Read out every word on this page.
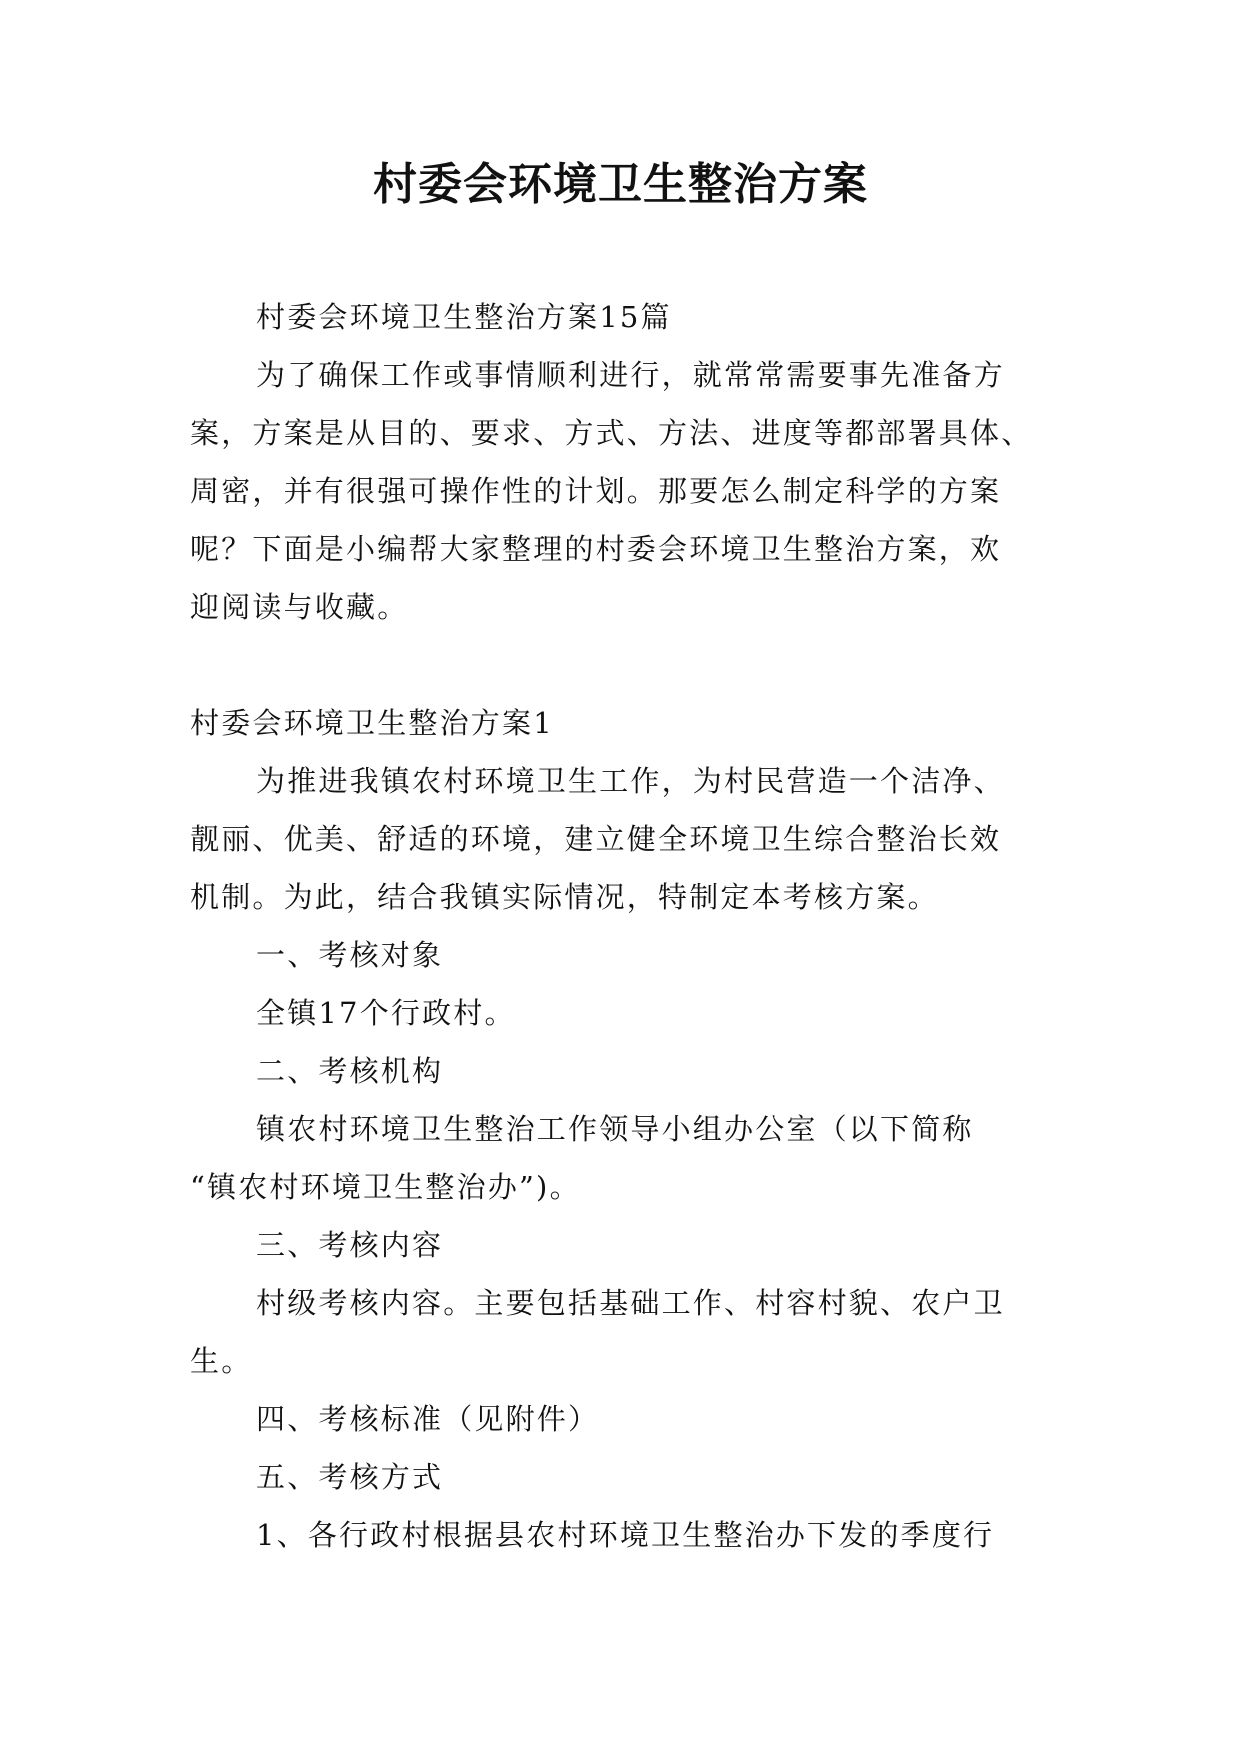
村委会环境卫生整治方案

村委会环境卫生整治方案15篇

为了确保工作或事情顺利进行，就常常需要事先准备方

案，方案是从目的、要求、方式、方法、进度等都部署具体、

周密，并有很强可操作性的计划。那要怎么制定科学的方案

呢？下面是小编帮大家整理的村委会环境卫生整治方案，欢

迎阅读与收藏。

村委会环境卫生整治方案1

为推进我镇农村环境卫生工作，为村民营造一个洁净、

靓丽、优美、舒适的环境，建立健全环境卫生综合整治长效

机制。为此，结合我镇实际情况，特制定本考核方案。

一、考核对象

全镇17个行政村。

二、考核机构

镇农村环境卫生整治工作领导小组办公室（以下简称

“镇农村环境卫生整治办”)。

三、考核内容

村级考核内容。主要包括基础工作、村容村貌、农户卫

生。

四、考核标准（见附件）

五、考核方式

1、各行政村根据县农村环境卫生整治办下发的季度行
